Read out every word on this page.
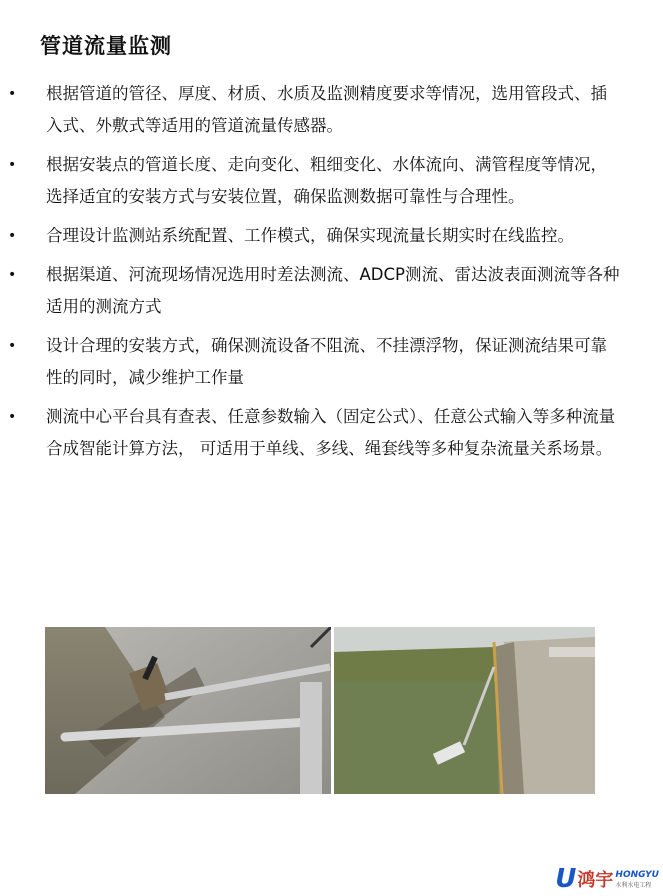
管道流量监测
• 根据管道的管径、厚度、材质、水质及监测精度要求等情况，选用管段式、插入式、外敷式等适用的管道流量传感器。
• 根据安装点的管道长度、走向变化、粗细变化、水体流向、满管程度等情况，选择适宜的安装方式与安装位置，确保监测数据可靠性与合理性。
• 合理设计监测站系统配置、工作模式，确保实现流量长期实时在线监控。
• 根据渠道、河流现场情况选用时差法测流、ADCP测流、雷达波表面测流等各种适用的测流方式
• 设计合理的安装方式，确保测流设备不阻流、不挂漂浮物，保证测流结果可靠性的同时，减少维护工作量
• 测流中心平台具有查表、任意参数输入（固定公式）、任意公式输入等多种流量合成智能计算方法， 可适用于单线、多线、绳套线等多种复杂流量关系场景。
U 鸿宇 HONGYU
水利水电工程
